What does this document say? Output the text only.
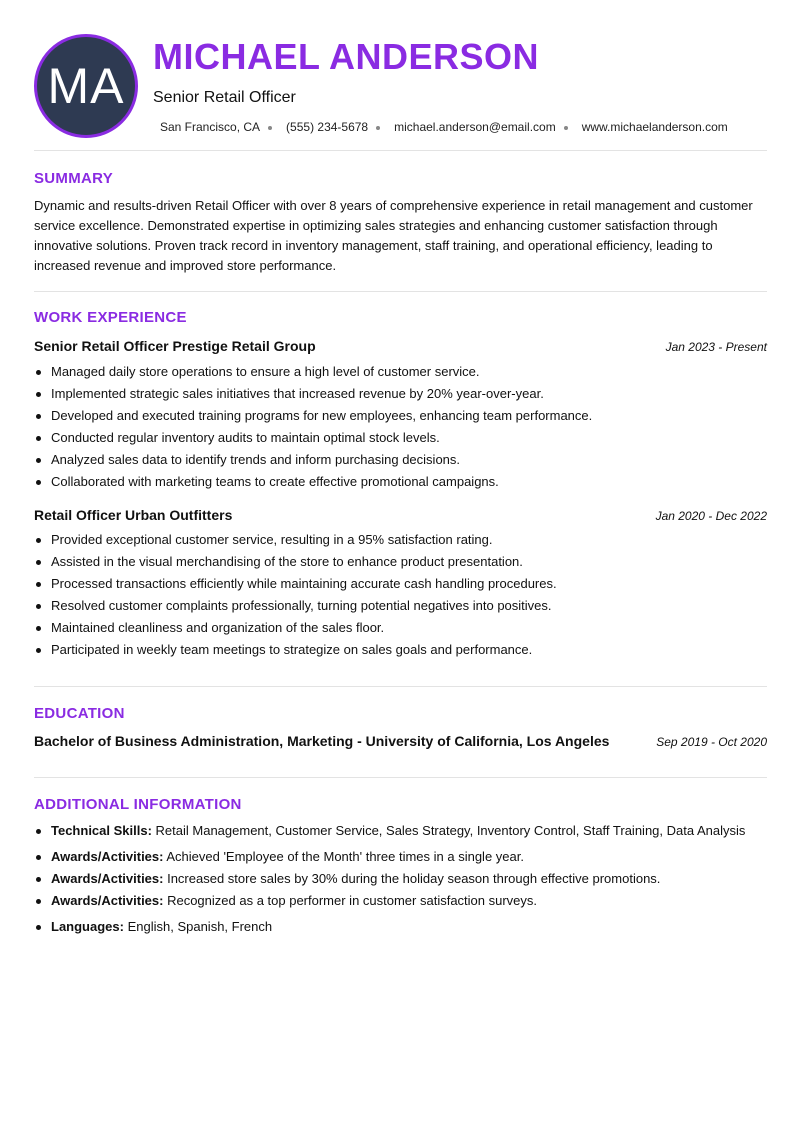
MA
MICHAEL ANDERSON
Senior Retail Officer
San Francisco, CA (555) 234-5678 michael.anderson@email.com www.michaelanderson.com
SUMMARY

Dynamic and results-driven Retail Officer with over 8 years of comprehensive experience in retail management and customer service excellence. Demonstrated expertise in optimizing sales strategies and enhancing customer satisfaction through innovative solutions. Proven track record in inventory management, staff training, and operational efficiency, leading to increased revenue and improved store performance.

WORK EXPERIENCE
Senior Retail Officer Prestige Retail Group	Jan 2023 - Present
Managed daily store operations to ensure a high level of customer service.
Implemented strategic sales initiatives that increased revenue by 20% year-over-year.
Developed and executed training programs for new employees, enhancing team performance.
Conducted regular inventory audits to maintain optimal stock levels.
Analyzed sales data to identify trends and inform purchasing decisions.
Collaborated with marketing teams to create effective promotional campaigns.
Retail Officer Urban Outfitters	Jan 2020 - Dec 2022
Provided exceptional customer service, resulting in a 95% satisfaction rating.
Assisted in the visual merchandising of the store to enhance product presentation.
Processed transactions efficiently while maintaining accurate cash handling procedures.
Resolved customer complaints professionally, turning potential negatives into positives.
Maintained cleanliness and organization of the sales floor.
Participated in weekly team meetings to strategize on sales goals and performance.
EDUCATION
Bachelor of Business Administration, Marketing - University of California, Los Angeles	Sep 2019 - Oct 2020
ADDITIONAL INFORMATION
Technical Skills: Retail Management, Customer Service, Sales Strategy, Inventory Control, Staff Training, Data Analysis
Awards/Activities: Achieved 'Employee of the Month' three times in a single year.
Awards/Activities: Increased store sales by 30% during the holiday season through effective promotions.
Awards/Activities: Recognized as a top performer in customer satisfaction surveys.
Languages: English, Spanish, French
